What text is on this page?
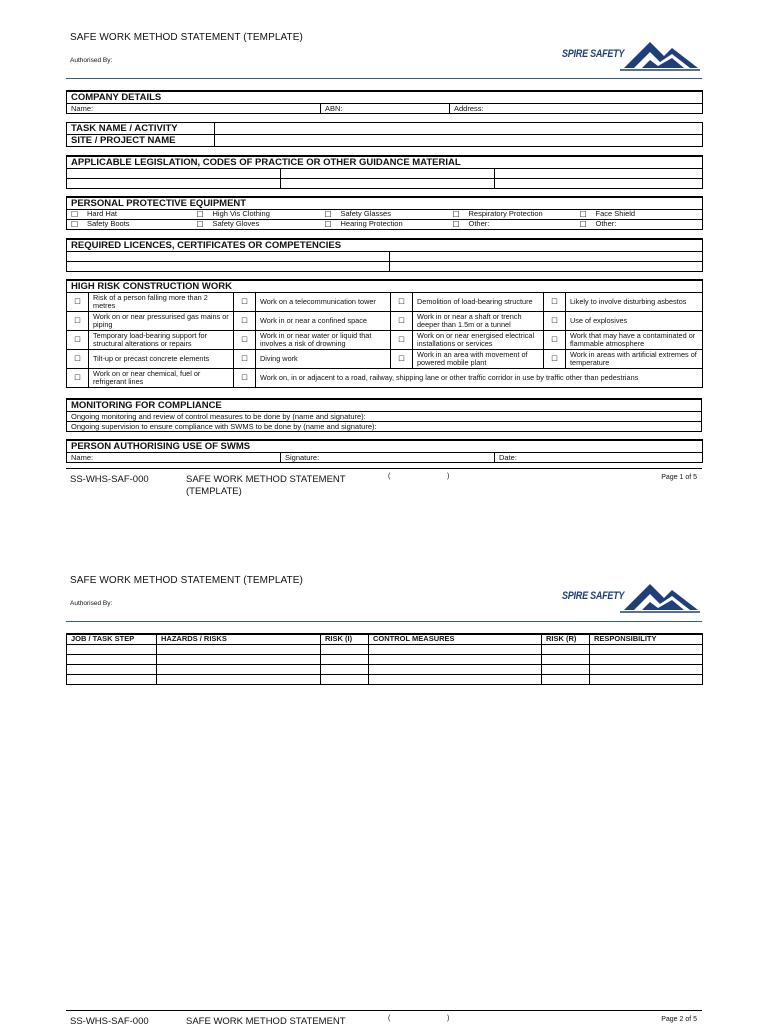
SAFE WORK METHOD STATEMENT (TEMPLATE)
Authorised By:
SPIRE SAFETY
COMPANY DETAILS
Name:	ABN:	Address:
TASK NAME / ACTIVITY	
SITE / PROJECT NAME	
APPLICABLE LEGISLATION, CODES OF PRACTICE OR OTHER GUIDANCE MATERIAL		

PERSONAL PROTECTIVE EQUIPMENT				
☐ Hard Hat	☐ High Vis Clothing	☐ Safety Glasses	☐ Respiratory Protection	☐ Face Shield
☐ Safety Boots	☐ Safety Gloves	☐ Hearing Protection	☐ Other:	☐ Other:
REQUIRED LICENCES, CERTIFICATES OR COMPETENCIES	

HIGH RISK CONSTRUCTION WORK							
☐	Risk of a person falling more than 2 metres	☐	Work on a telecommunication tower	☐	Demolition of load-bearing structure	☐	Likely to involve disturbing asbestos
☐	Work on or near pressurised gas mains or piping	☐	Work in or near a confined space	☐	Work in or near a shaft or trench deeper than 1.5m or a tunnel	☐	Use of explosives
☐	Temporary load-bearing support for structural alterations or repairs	☐	Work in or near water or liquid that involves a risk of drowning	☐	Work on or near energised electrical installations or services	☐	Work that may have a contaminated or flammable atmosphere
☐	Tilt-up or precast concrete elements	☐	Diving work	☐	Work in an area with movement of powered mobile plant	☐	Work in areas with artificial extremes of temperature
☐	Work on or near chemical, fuel or refrigerant lines	☐	Work on, in or adjacent to a road, railway, shipping lane or other traffic corridor in use by traffic other than pedestrians				
MONITORING FOR COMPLIANCE
Ongoing monitoring and review of control measures to be done by (name and signature):
Ongoing supervision to ensure compliance with SWMS to be done by (name and signature):
PERSON AUTHORISING USE OF SWMS
Name:	Signature:	Date:
SS-WHS-SAF-000	SAFE WORK METHOD STATEMENT
(TEMPLATE)
(	)	Page 1 of 5
SAFE WORK METHOD STATEMENT (TEMPLATE)
Authorised By:
SPIRE SAFETY
JOB / TASK STEP	HAZARDS / RISKS	RISK (I)	CONTROL MEASURES	RISK (R)	RESPONSIBILITY

SS-WHS-SAF-000	SAFE WORK METHOD STATEMENT	(	)	Page 2 of 5
